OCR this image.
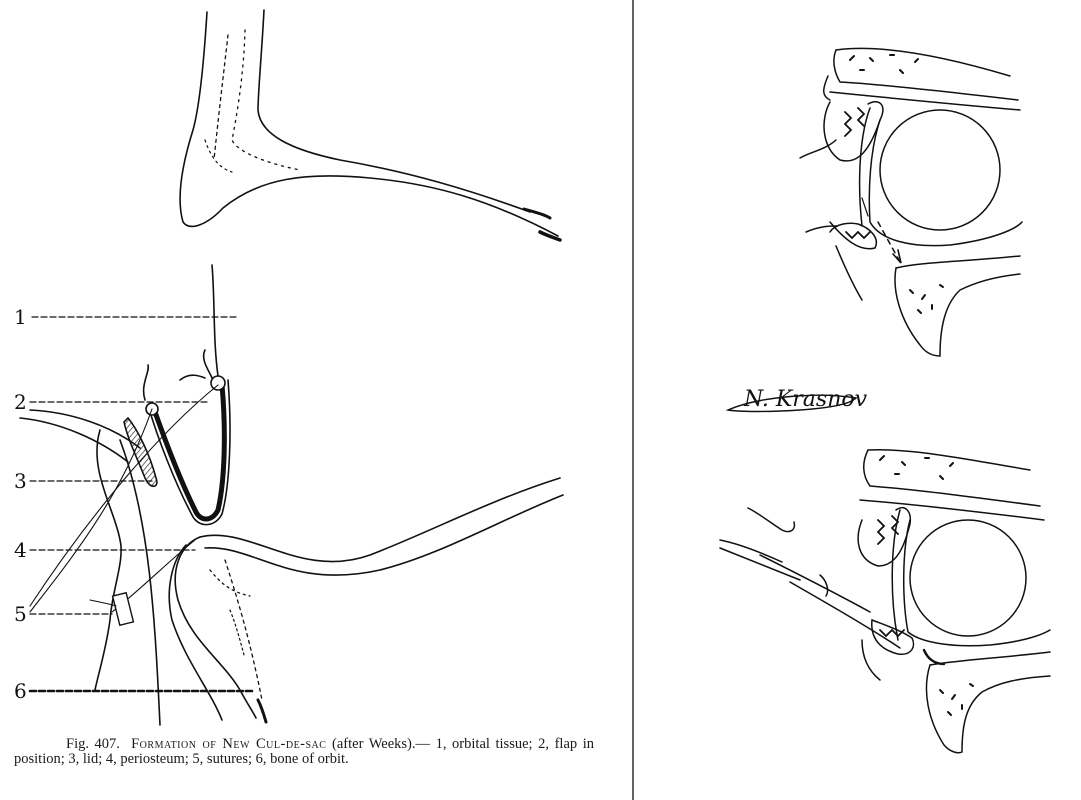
1
2
3
4
5
6
N. Krasnov
Fig. 407. Formation of New Cul-de-sac (after Weeks).— 1, orbital tissue; 2, flap in position; 3, lid; 4, periosteum; 5, sutures; 6, bone of orbit.
